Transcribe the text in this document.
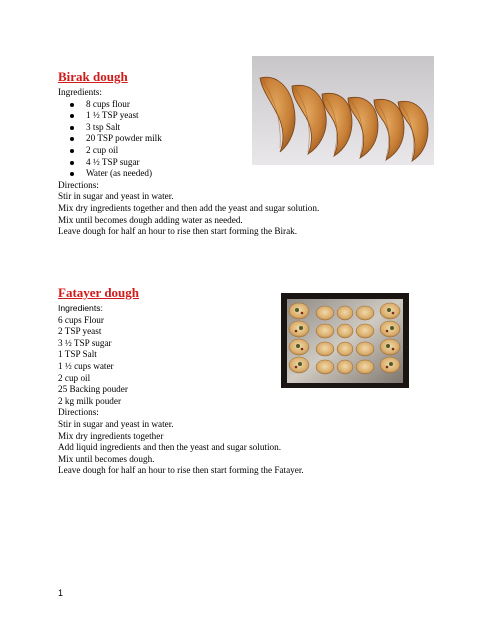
Birak dough

Ingredients:

8 cups flour
1 ½ TSP yeast
3 tsp Salt
20 TSP powder milk
2 cup oil
4 ½ TSP sugar
Water (as needed)

Directions:

Stir in sugar and yeast in water.

Mix dry ingredients together and then add the yeast and sugar solution.

Mix until becomes dough adding water as needed.

Leave dough for half an hour to rise then start forming the Birak.

Fatayer dough

Ingredients:

6 cups Flour

2 TSP yeast

3 ½ TSP sugar

1 TSP Salt

1 ½ cups water

2 cup oil

25 Backing pouder

2 kg milk pouder

Directions:

Stir in sugar and yeast in water.

Mix dry ingredients together

Add liquid ingredients and then the yeast and sugar solution.

Mix until becomes dough.

Leave dough for half an hour to rise then start forming the Fatayer.

1
